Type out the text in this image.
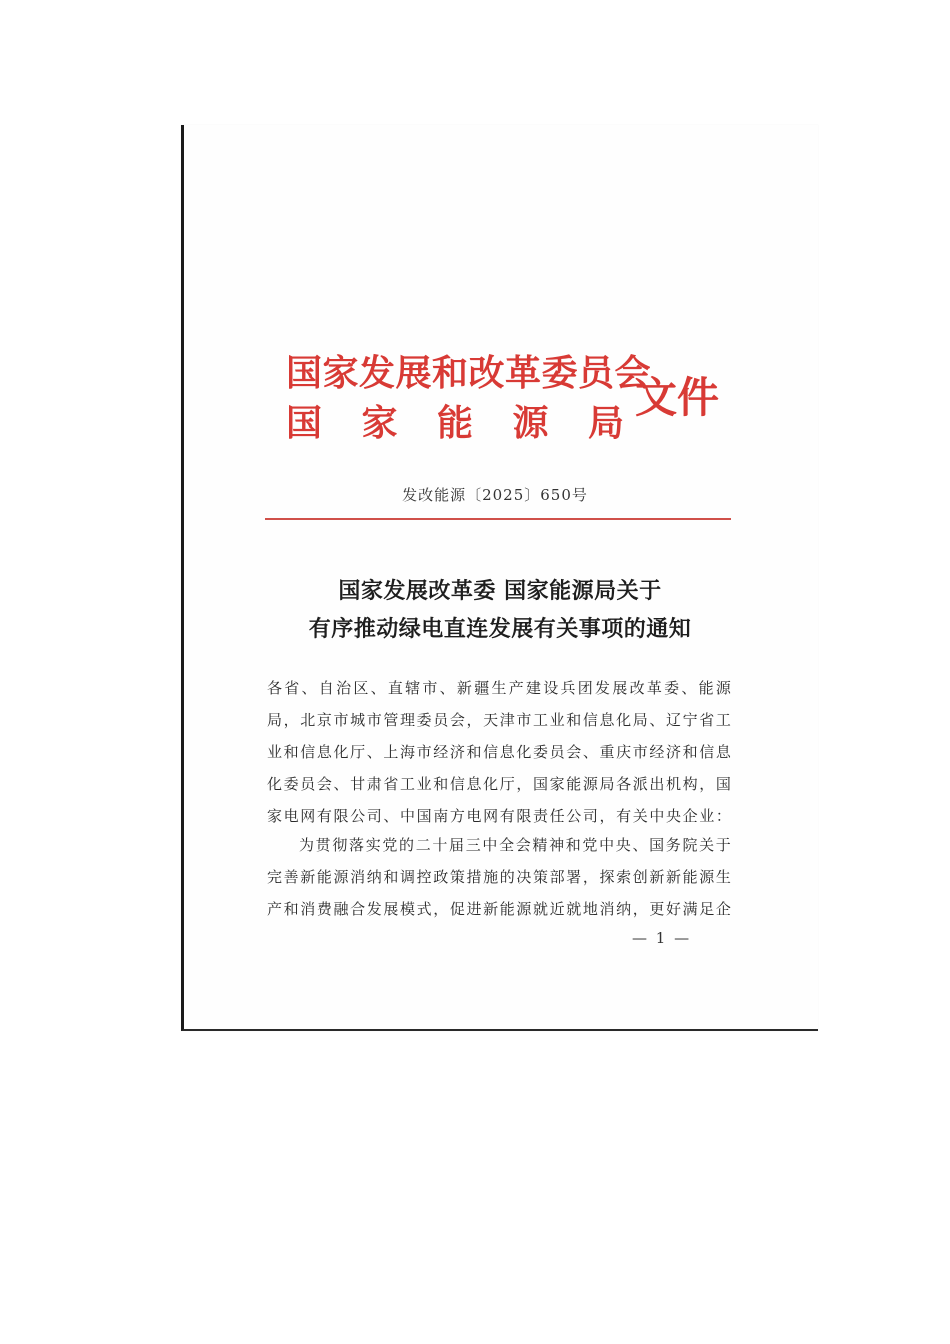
国家发展和改革委员会
国 家 能 源 局
文件
发改能源〔2025〕650号
国家发展改革委 国家能源局关于
有序推动绿电直连发展有关事项的通知
各 省 、 自 治 区 、 直 辖 市 、 新 疆 生 产 建 设 兵 团 发 展 改 革 委 、 能 源
局 ， 北 京 市 城 市 管 理 委 员 会 ， 天 津 市 工 业 和 信 息 化 局 、 辽 宁 省 工
业 和 信 息 化 厅 、 上 海 市 经 济 和 信 息 化 委 员 会 、 重 庆 市 经 济 和 信 息
化 委 员 会 、 甘 肃 省 工 业 和 信 息 化 厅 ， 国 家 能 源 局 各 派 出 机 构 ， 国
家 电 网 有 限 公 司 、 中 国 南 方 电 网 有 限 责 任 公 司 ， 有 关 中 央 企 业 ：
为 贯 彻 落 实 党 的 二 十 届 三 中 全 会 精 神 和 党 中 央 、 国 务 院 关 于
完 善 新 能 源 消 纳 和 调 控 政 策 措 施 的 决 策 部 署 ， 探 索 创 新 新 能 源 生
产 和 消 费 融 合 发 展 模 式 ， 促 进 新 能 源 就 近 就 地 消 纳 ， 更 好 满 足 企
— 1 —
